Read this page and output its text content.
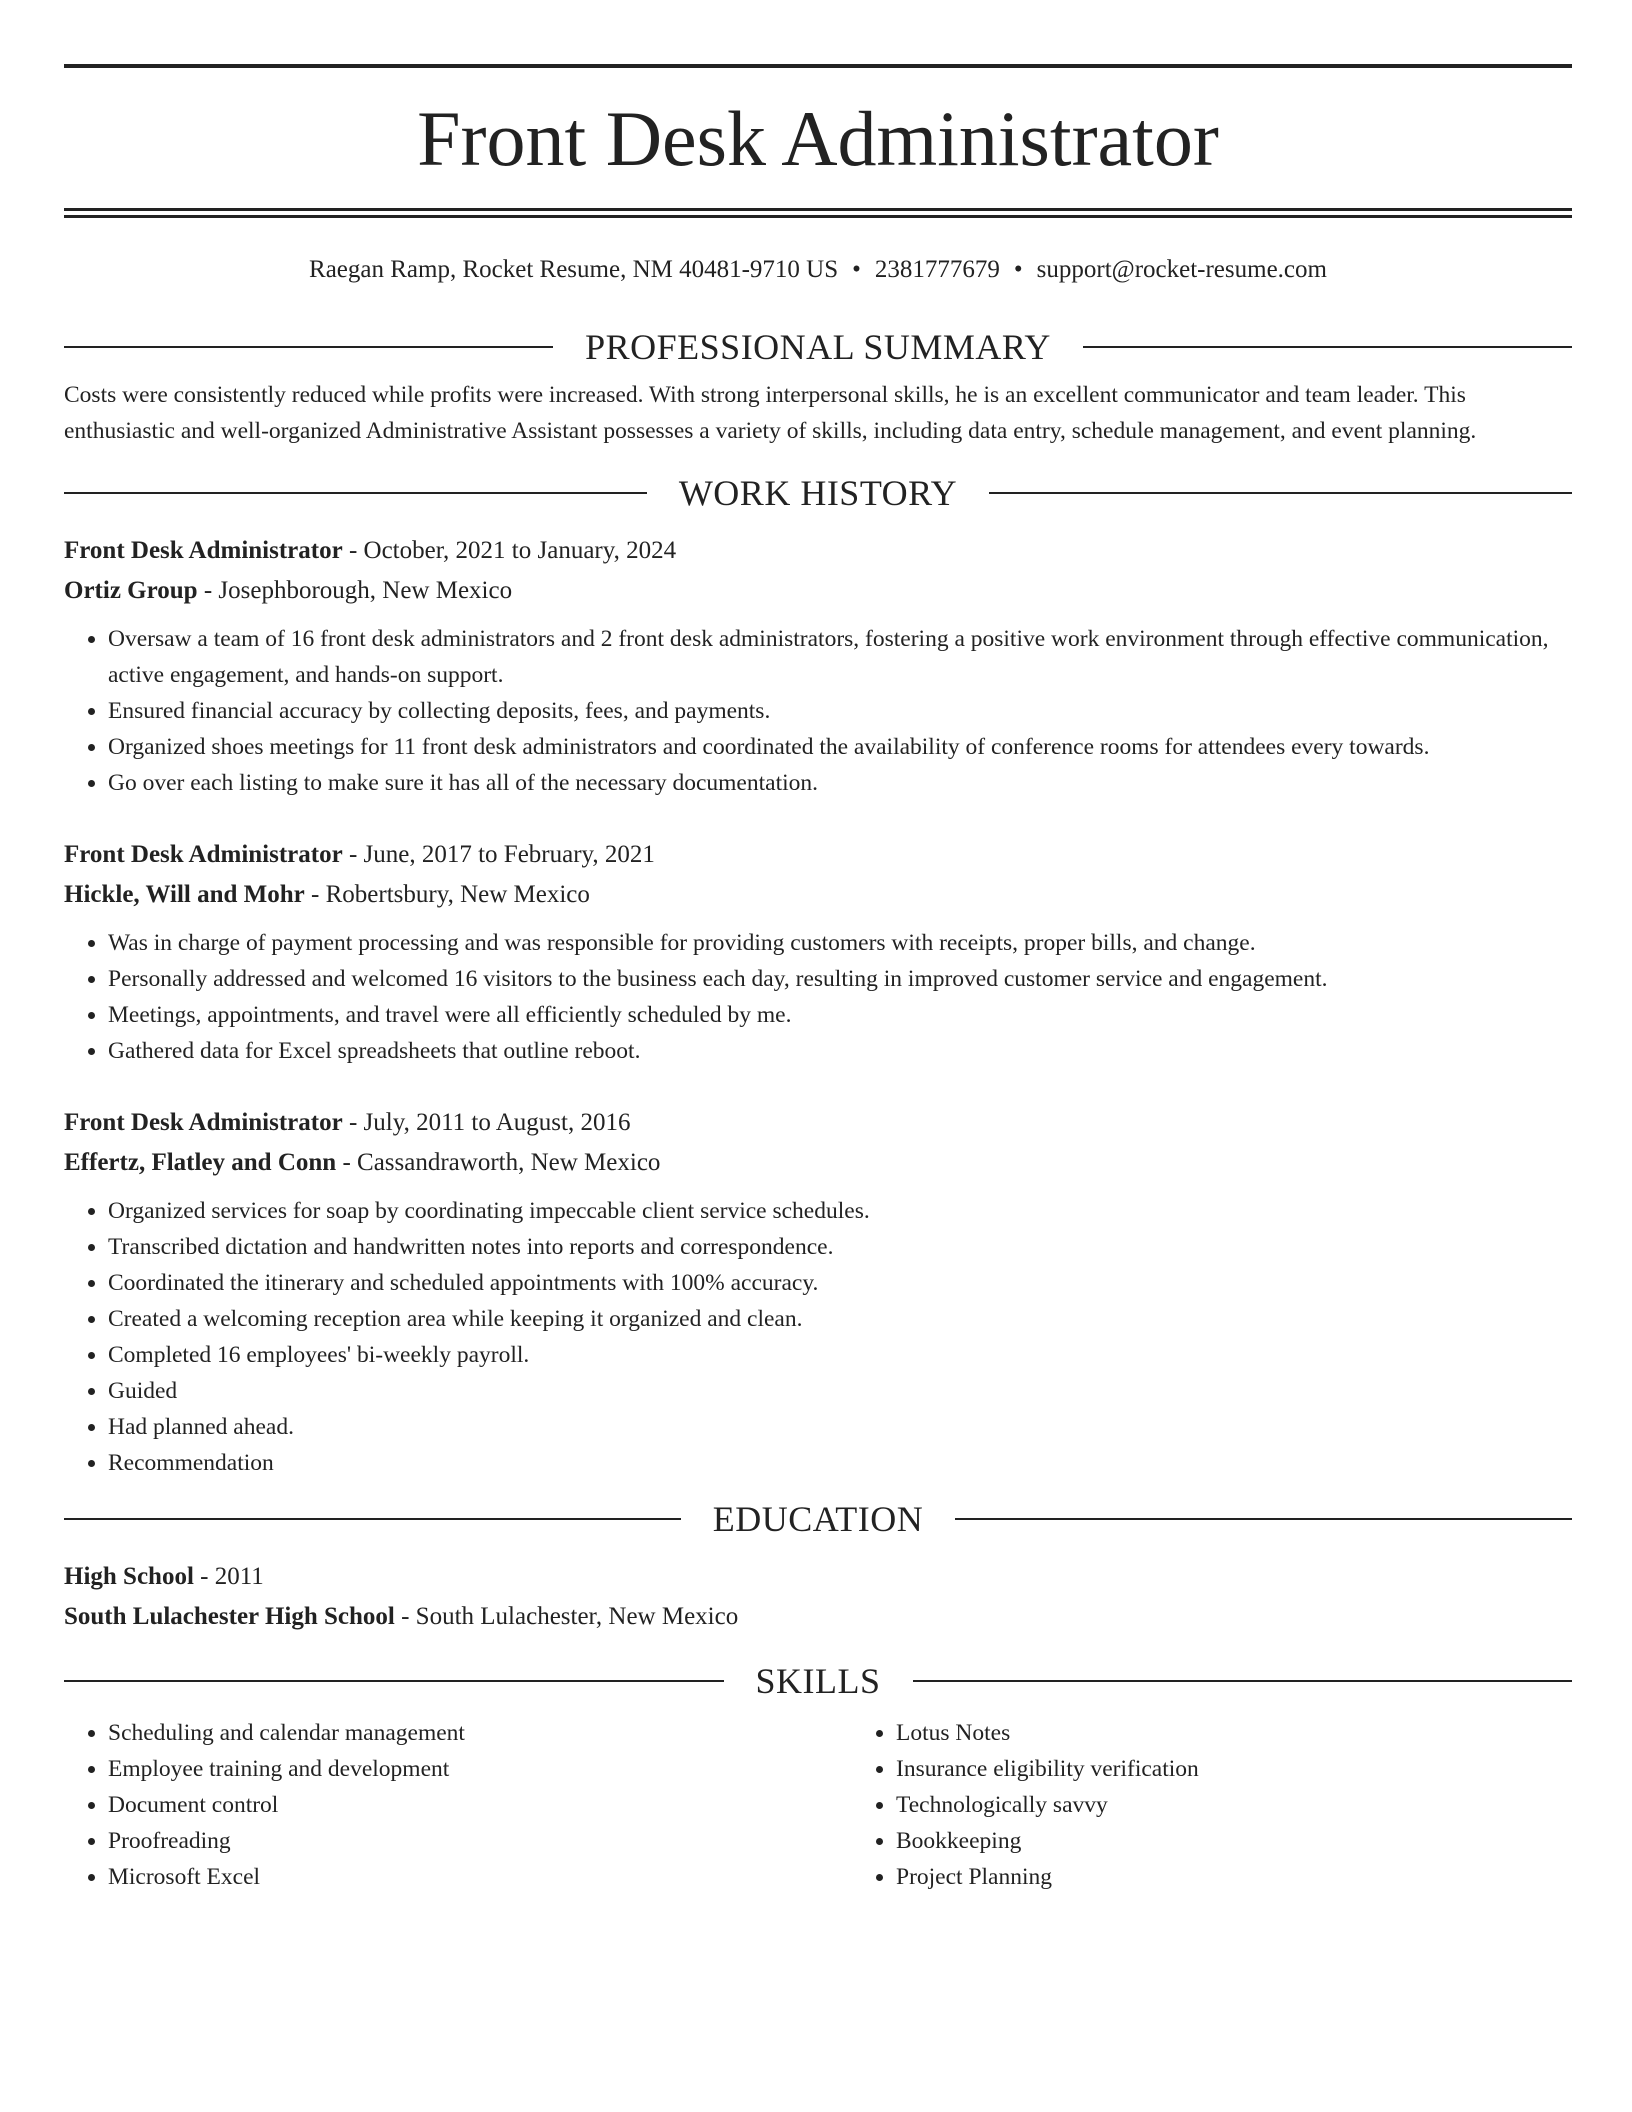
Front Desk Administrator
Raegan Ramp, Rocket Resume, NM 40481-9710 US • 2381777679 • support@rocket-resume.com
PROFESSIONAL SUMMARY

Costs were consistently reduced while profits were increased. With strong interpersonal skills, he is an excellent communicator and team leader. This enthusiastic and well-organized Administrative Assistant possesses a variety of skills, including data entry, schedule management, and event planning.

WORK HISTORY
Front Desk Administrator - October, 2021 to January, 2024
Ortiz Group - Josephborough, New Mexico
• Oversaw a team of 16 front desk administrators and 2 front desk administrators, fostering a positive work environment through effective communication, active engagement, and hands-on support.
• Ensured financial accuracy by collecting deposits, fees, and payments.
• Organized shoes meetings for 11 front desk administrators and coordinated the availability of conference rooms for attendees every towards.
• Go over each listing to make sure it has all of the necessary documentation.
Front Desk Administrator - June, 2017 to February, 2021
Hickle, Will and Mohr - Robertsbury, New Mexico
• Was in charge of payment processing and was responsible for providing customers with receipts, proper bills, and change.
• Personally addressed and welcomed 16 visitors to the business each day, resulting in improved customer service and engagement.
• Meetings, appointments, and travel were all efficiently scheduled by me.
• Gathered data for Excel spreadsheets that outline reboot.
Front Desk Administrator - July, 2011 to August, 2016
Effertz, Flatley and Conn - Cassandraworth, New Mexico
• Organized services for soap by coordinating impeccable client service schedules.
• Transcribed dictation and handwritten notes into reports and correspondence.
• Coordinated the itinerary and scheduled appointments with 100% accuracy.
• Created a welcoming reception area while keeping it organized and clean.
• Completed 16 employees' bi-weekly payroll.
• Guided
• Had planned ahead.
• Recommendation
EDUCATION
High School - 2011
South Lulachester High School - South Lulachester, New Mexico
SKILLS
• Scheduling and calendar management
• Employee training and development
• Document control
• Proofreading
• Microsoft Excel
• Lotus Notes
• Insurance eligibility verification
• Technologically savvy
• Bookkeeping
• Project Planning
